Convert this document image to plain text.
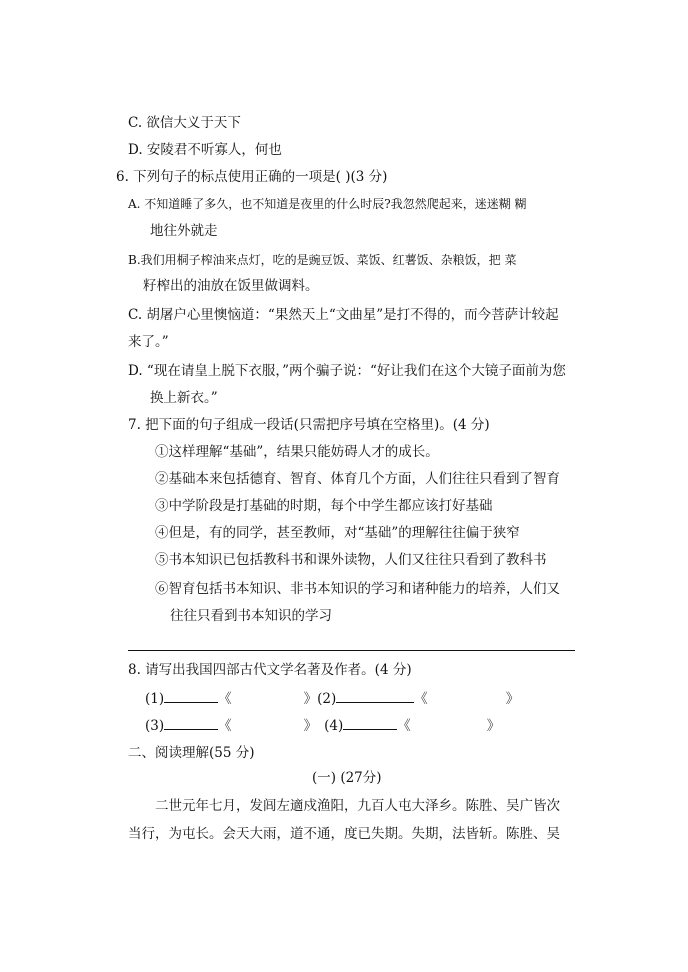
C. 欲信大义于天下
D. 安陵君不听寡人，何也
6. 下列句子的标点使用正确的一项是( )(3 分)
A. 不知道睡了多久，也不知道是夜里的什么时辰?我忽然爬起来，迷迷糊 糊
地往外就走
B.我们用桐子榨油来点灯，吃的是豌豆饭、菜饭、红薯饭、杂粮饭，把 菜
籽榨出的油放在饭里做调料。
C. 胡屠户心里懊恼道：“果然天上“文曲星”是打不得的，而今菩萨计较起
来了。”
D. “现在请皇上脱下衣服，”两个骗子说：“好让我们在这个大镜子面前为您
换上新衣。”
7. 把下面的句子组成一段话(只需把序号填在空格里)。(4 分)
①这样理解“基础”，结果只能妨碍人才的成长。
②基础本来包括德育、智育、体育几个方面，人们往往只看到了智育
③中学阶段是打基础的时期，每个中学生都应该打好基础
④但是，有的同学，甚至教师，对“基础”的理解往往偏于狭窄
⑤书本知识已包括教科书和课外读物，人们又往往只看到了教科书
⑥智育包括书本知识、非书本知识的学习和诸种能力的培养，人们又
往往只看到书本知识的学习
8. 请写出我国四部古代文学名著及作者。(4 分)
(1)	《	》(2)	《	》
(3)	《	》 (4)	《	》
二、阅读理解(55 分)
(一) (27分)
二世元年七月，发闾左適戍渔阳，九百人屯大泽乡。陈胜、吴广皆次
当行，为屯长。会天大雨，道不通，度已失期。失期，法皆斩。陈胜、吴
